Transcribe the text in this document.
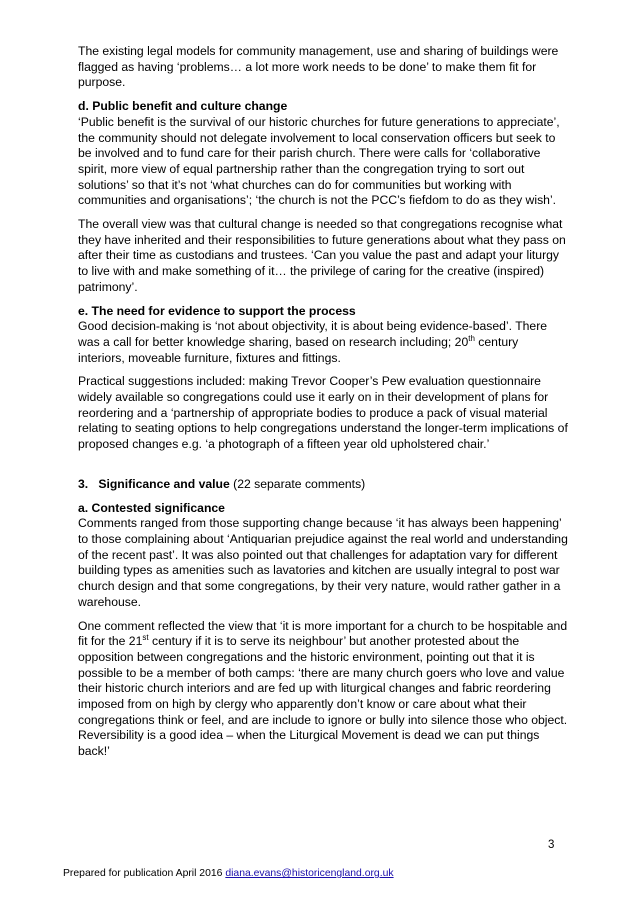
The existing legal models for community management, use and sharing of buildings were flagged as having ‘problems… a lot more work needs to be done’ to make them fit for purpose.

d. Public benefit and culture change

‘Public benefit is the survival of our historic churches for future generations to appreciate’, the community should not delegate involvement to local conservation officers but seek to be involved and to fund care for their parish church. There were calls for ‘collaborative spirit, more view of equal partnership rather than the congregation trying to sort out solutions’ so that it’s not ‘what churches can do for communities but working with communities and organisations’; ‘the church is not the PCC’s fiefdom to do as they wish’.

The overall view was that cultural change is needed so that congregations recognise what they have inherited and their responsibilities to future generations about what they pass on after their time as custodians and trustees. ‘Can you value the past and adapt your liturgy to live with and make something of it… the privilege of caring for the creative (inspired) patrimony’.

e. The need for evidence to support the process

Good decision-making is ‘not about objectivity, it is about being evidence-based’. There was a call for better knowledge sharing, based on research including; 20th century interiors, moveable furniture, fixtures and fittings.

Practical suggestions included: making Trevor Cooper’s Pew evaluation questionnaire widely available so congregations could use it early on in their development of plans for reordering and a ‘partnership of appropriate bodies to produce a pack of visual material relating to seating options to help congregations understand the longer-term implications of proposed changes e.g. ‘a photograph of a fifteen year old upholstered chair.’

3. Significance and value (22 separate comments)

a. Contested significance

Comments ranged from those supporting change because ‘it has always been happening’ to those complaining about ‘Antiquarian prejudice against the real world and understanding of the recent past’. It was also pointed out that challenges for adaptation vary for different building types as amenities such as lavatories and kitchen are usually integral to post war church design and that some congregations, by their very nature, would rather gather in a warehouse.

One comment reflected the view that ‘it is more important for a church to be hospitable and fit for the 21st century if it is to serve its neighbour’ but another protested about the opposition between congregations and the historic environment, pointing out that it is possible to be a member of both camps: ‘there are many church goers who love and value their historic church interiors and are fed up with liturgical changes and fabric reordering imposed from on high by clergy who apparently don’t know or care about what their congregations think or feel, and are include to ignore or bully into silence those who object. Reversibility is a good idea – when the Liturgical Movement is dead we can put things back!’

3
Prepared for publication April 2016 diana.evans@historicengland.org.uk
